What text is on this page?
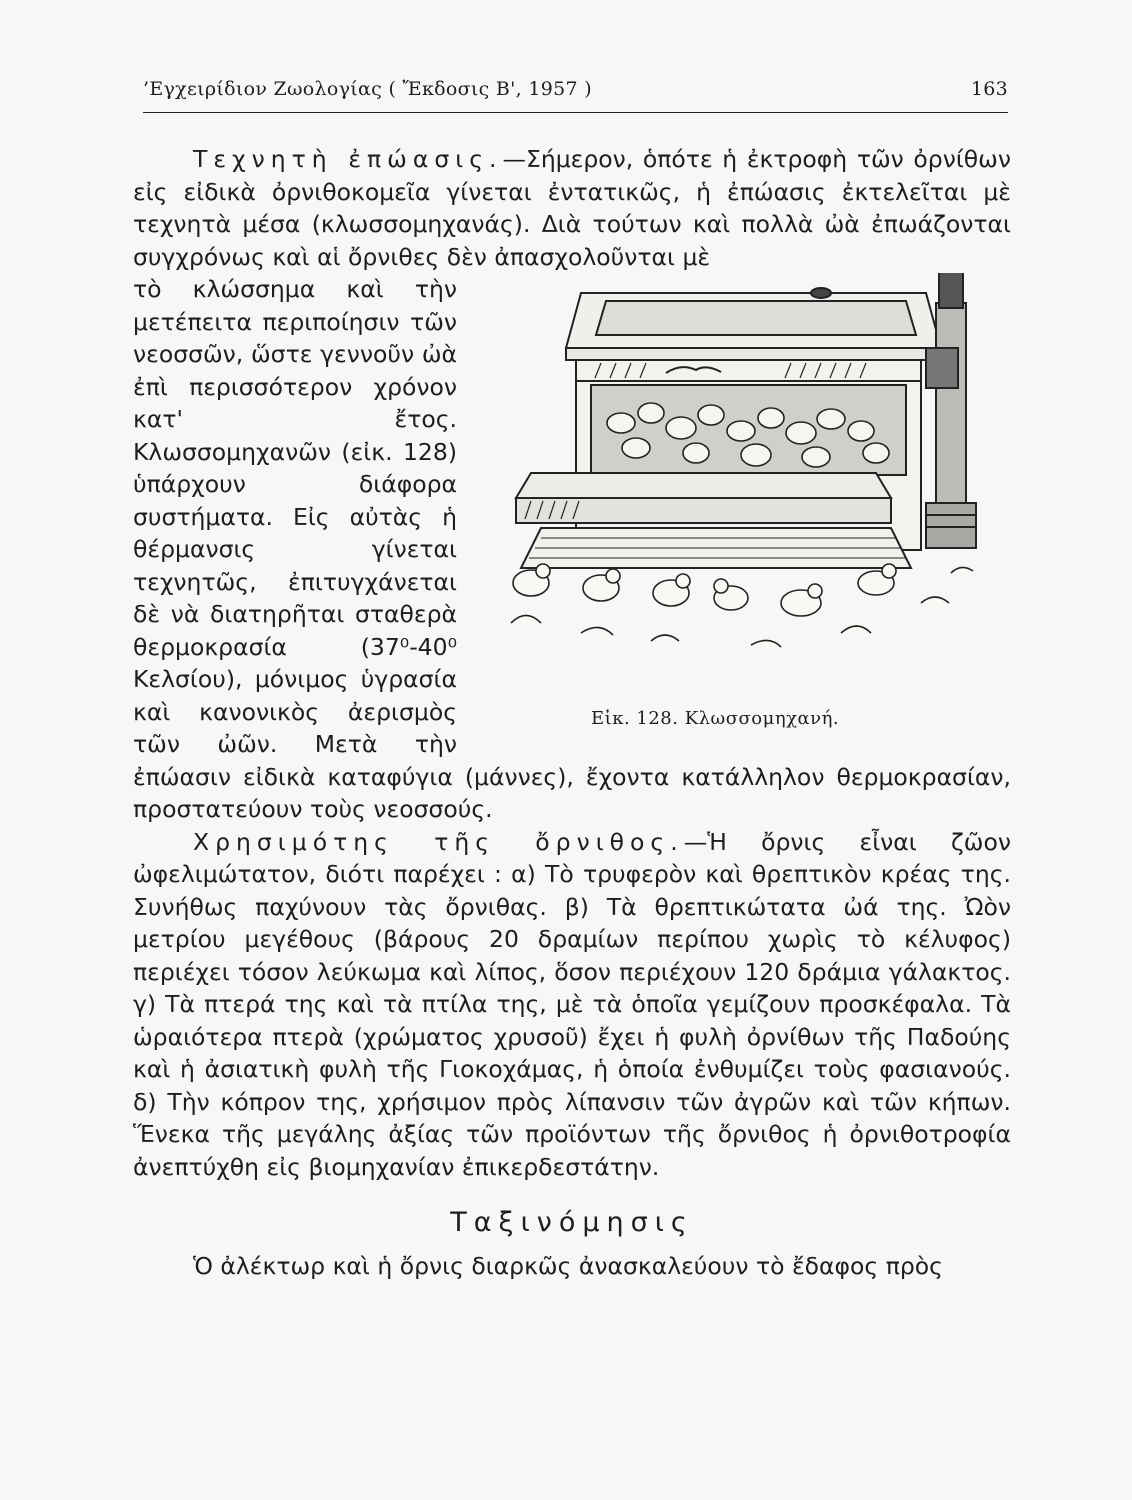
’Εγχειρίδιον Ζωολογίας ( Ἔκδοσις Β', 1957 )	163

Τεχνητὴ ἐπώασις.—Σήμερον, ὁπότε ἡ ἐκτροφὴ τῶν ὀρνίθων εἰς εἰδικὰ ὀρνιθοκομεῖα γίνεται ἐντατικῶς, ἡ ἐπώασις ἐκτελεῖται μὲ τεχνητὰ μέσα (κλωσσομηχανάς). Διὰ τούτων καὶ πολλὰ ὠὰ ἐπωάζονται συγχρόνως καὶ αἱ ὄρνιθες δὲν ἀπασχολοῦνται μὲ

Εἰκ. 128. Κλωσσομηχανή.

τὸ κλώσσημα καὶ τὴν μετέπειτα περιποίησιν τῶν νεοσσῶν, ὥστε γεννοῦν ὠὰ ἐπὶ περισσότερον χρόνον κατ' ἔτος. Κλωσσομηχανῶν (εἰκ. 128) ὑπάρχουν διάφορα συστήματα. Εἰς αὐτὰς ἡ θέρμανσις γίνεται τεχνητῶς, ἐπιτυγχάνεται δὲ νὰ διατηρῆται σταθερὰ θερμοκρασία (37⁰-40⁰ Κελσίου), μόνιμος ὑγρασία καὶ κανονικὸς ἀερισμὸς τῶν ὠῶν. Μετὰ τὴν ἐπώασιν εἰδικὰ καταφύγια (μάννες), ἔχοντα κατάλληλον θερμοκρασίαν, προστατεύουν τοὺς νεοσσούς.

Χρησιμότης τῆς ὄρνιθος.—Ἡ ὄρνις εἶναι ζῶον ὠφελιμώτατον, διότι παρέχει : α) Τὸ τρυφερὸν καὶ θρεπτικὸν κρέας της. Συνήθως παχύνουν τὰς ὄρνιθας. β) Τὰ θρεπτικώτατα ὠά της. Ὠὸν μετρίου μεγέθους (βάρους 20 δραμίων περίπου χωρὶς τὸ κέλυφος) περιέχει τόσον λεύκωμα καὶ λίπος, ὅσον περιέχουν 120 δράμια γάλακτος. γ) Τὰ πτερά της καὶ τὰ πτίλα της, μὲ τὰ ὁποῖα γεμίζουν προσκέφαλα. Τὰ ὡραιότερα πτερὰ (χρώματος χρυσοῦ) ἔχει ἡ φυλὴ ὀρνίθων τῆς Παδούης καὶ ἡ ἀσιατικὴ φυλὴ τῆς Γιοκοχάμας, ἡ ὁποία ἐνθυμίζει τοὺς φασιανούς. δ) Τὴν κόπρον της, χρήσιμον πρὸς λίπανσιν τῶν ἀγρῶν καὶ τῶν κήπων. Ἕνεκα τῆς μεγάλης ἀξίας τῶν προϊόντων τῆς ὄρνιθος ἡ ὀρνιθοτροφία ἀνεπτύχθη εἰς βιομηχανίαν ἐπικερδεστάτην.

Ταξινόμησις

Ὁ ἀλέκτωρ καὶ ἡ ὄρνις διαρκῶς ἀνασκαλεύουν τὸ ἔδαφος πρὸς
